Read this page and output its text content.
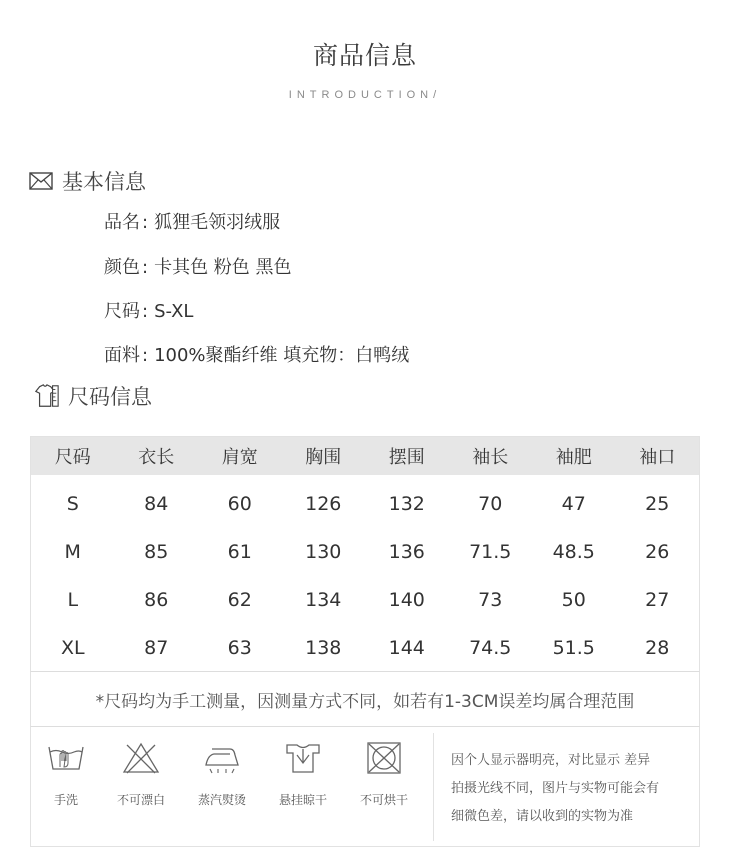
商品信息
INTRODUCTION/
基本信息
品名 : 狐狸毛领羽绒服
颜色 : 卡其色 粉色 黑色
尺码 : S-XL
面料 : 100%聚酯纤维 填充物：白鸭绒
尺码信息
尺码	衣长	肩宽	胸围	摆围	袖长	袖肥	袖口
S	84	60	126	132	70	47	25
M	85	61	130	136	71.5	48.5	26
L	86	62	134	140	73	50	27
XL	87	63	138	144	74.5	51.5	28
*尺码均为手工测量，因测量方式不同，如若有1-3CM误差均属合理范围
手洗	不可漂白	蒸汽熨烫	悬挂晾干	不可烘干
因个人显示器明亮，对比显示 差异
拍摄光线不同，图片与实物可能会有
细微色差，请以收到的实物为准
